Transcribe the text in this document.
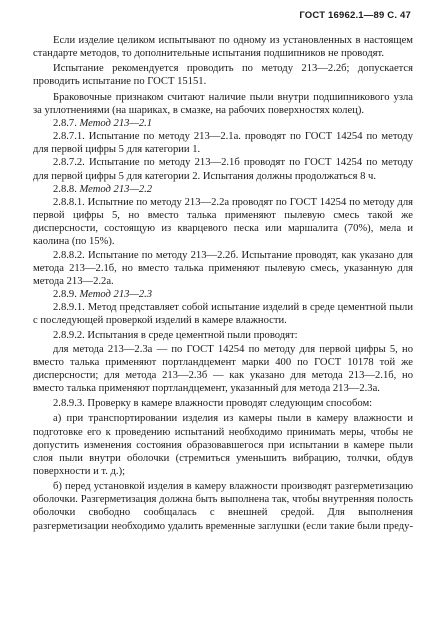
ГОСТ 16962.1—89 С. 47

Если изделие целиком испытывают по одному из установленных в настоящем стандарте методов, то дополнительные испытания подшипников не проводят.

Испытание рекомендуется проводить по методу 213—2.2б; допускается проводить испытание по ГОСТ 15151.

Браковочные признаком считают наличие пыли внутри подшипникового узла за уплотнениями (на шариках, в смазке, на рабочих поверхностях колец).

2.8.7. Метод 213—2.1

2.8.7.1. Испытание по методу 213—2.1а. проводят по ГОСТ 14254 по методу для первой цифры 5 для категории 1.

2.8.7.2. Испытание по методу 213—2.1б проводят по ГОСТ 14254 по методу для первой цифры 5 для категории 2. Испытания должны продолжаться 8 ч.

2.8.8. Метод 213—2.2

2.8.8.1. Испытние по методу 213—2.2а проводят по ГОСТ 14254 по методу для первой цифры 5, но вместо талька применяют пылевую смесь такой же дисперсности, состоящую из кварцевого песка или маршалита (70%), мела и каолина (по 15%).

2.8.8.2. Испытание по методу 213—2.2б. Испытание проводят, как указано для метода 213—2.1б, но вместо талька применяют пылевую смесь, указанную для метода 213—2.2а.

2.8.9. Метод 213—2.3

2.8.9.1. Метод представляет собой испытание изделий в среде цементной пыли с последующей проверкой изделий в камере влажности.

2.8.9.2. Испытания в среде цементной пыли проводят:

для метода 213—2.3а — по ГОСТ 14254 по методу для первой цифры 5, но вместо талька применяют портландцемент марки 400 по ГОСТ 10178 той же дисперсности; для метода 213—2.3б — как указано для метода 213—2.1б, но вместо талька применяют портландцемент, указанный для метода 213—2.3а.

2.8.9.3. Проверку в камере влажности проводят следующим способом:

а) при транспортировании изделия из камеры пыли в камеру влажности и подготовке его к проведению испытаний необходимо принимать меры, чтобы не допустить изменения состояния образовавшегося при испытании в камере пыли слоя пыли внутри оболочки (стремиться уменьшить вибрацию, толчки, обдув поверхности и т. д.);

б) перед установкой изделия в камеру влажности производят разгерметизацию оболочки. Разгерметизация должна быть выполнена так, чтобы внутренняя полость оболочки свободно сообщалась с внешней средой. Для выполнения разгерметизации необходимо удалить временные заглушки (если такие были преду-
